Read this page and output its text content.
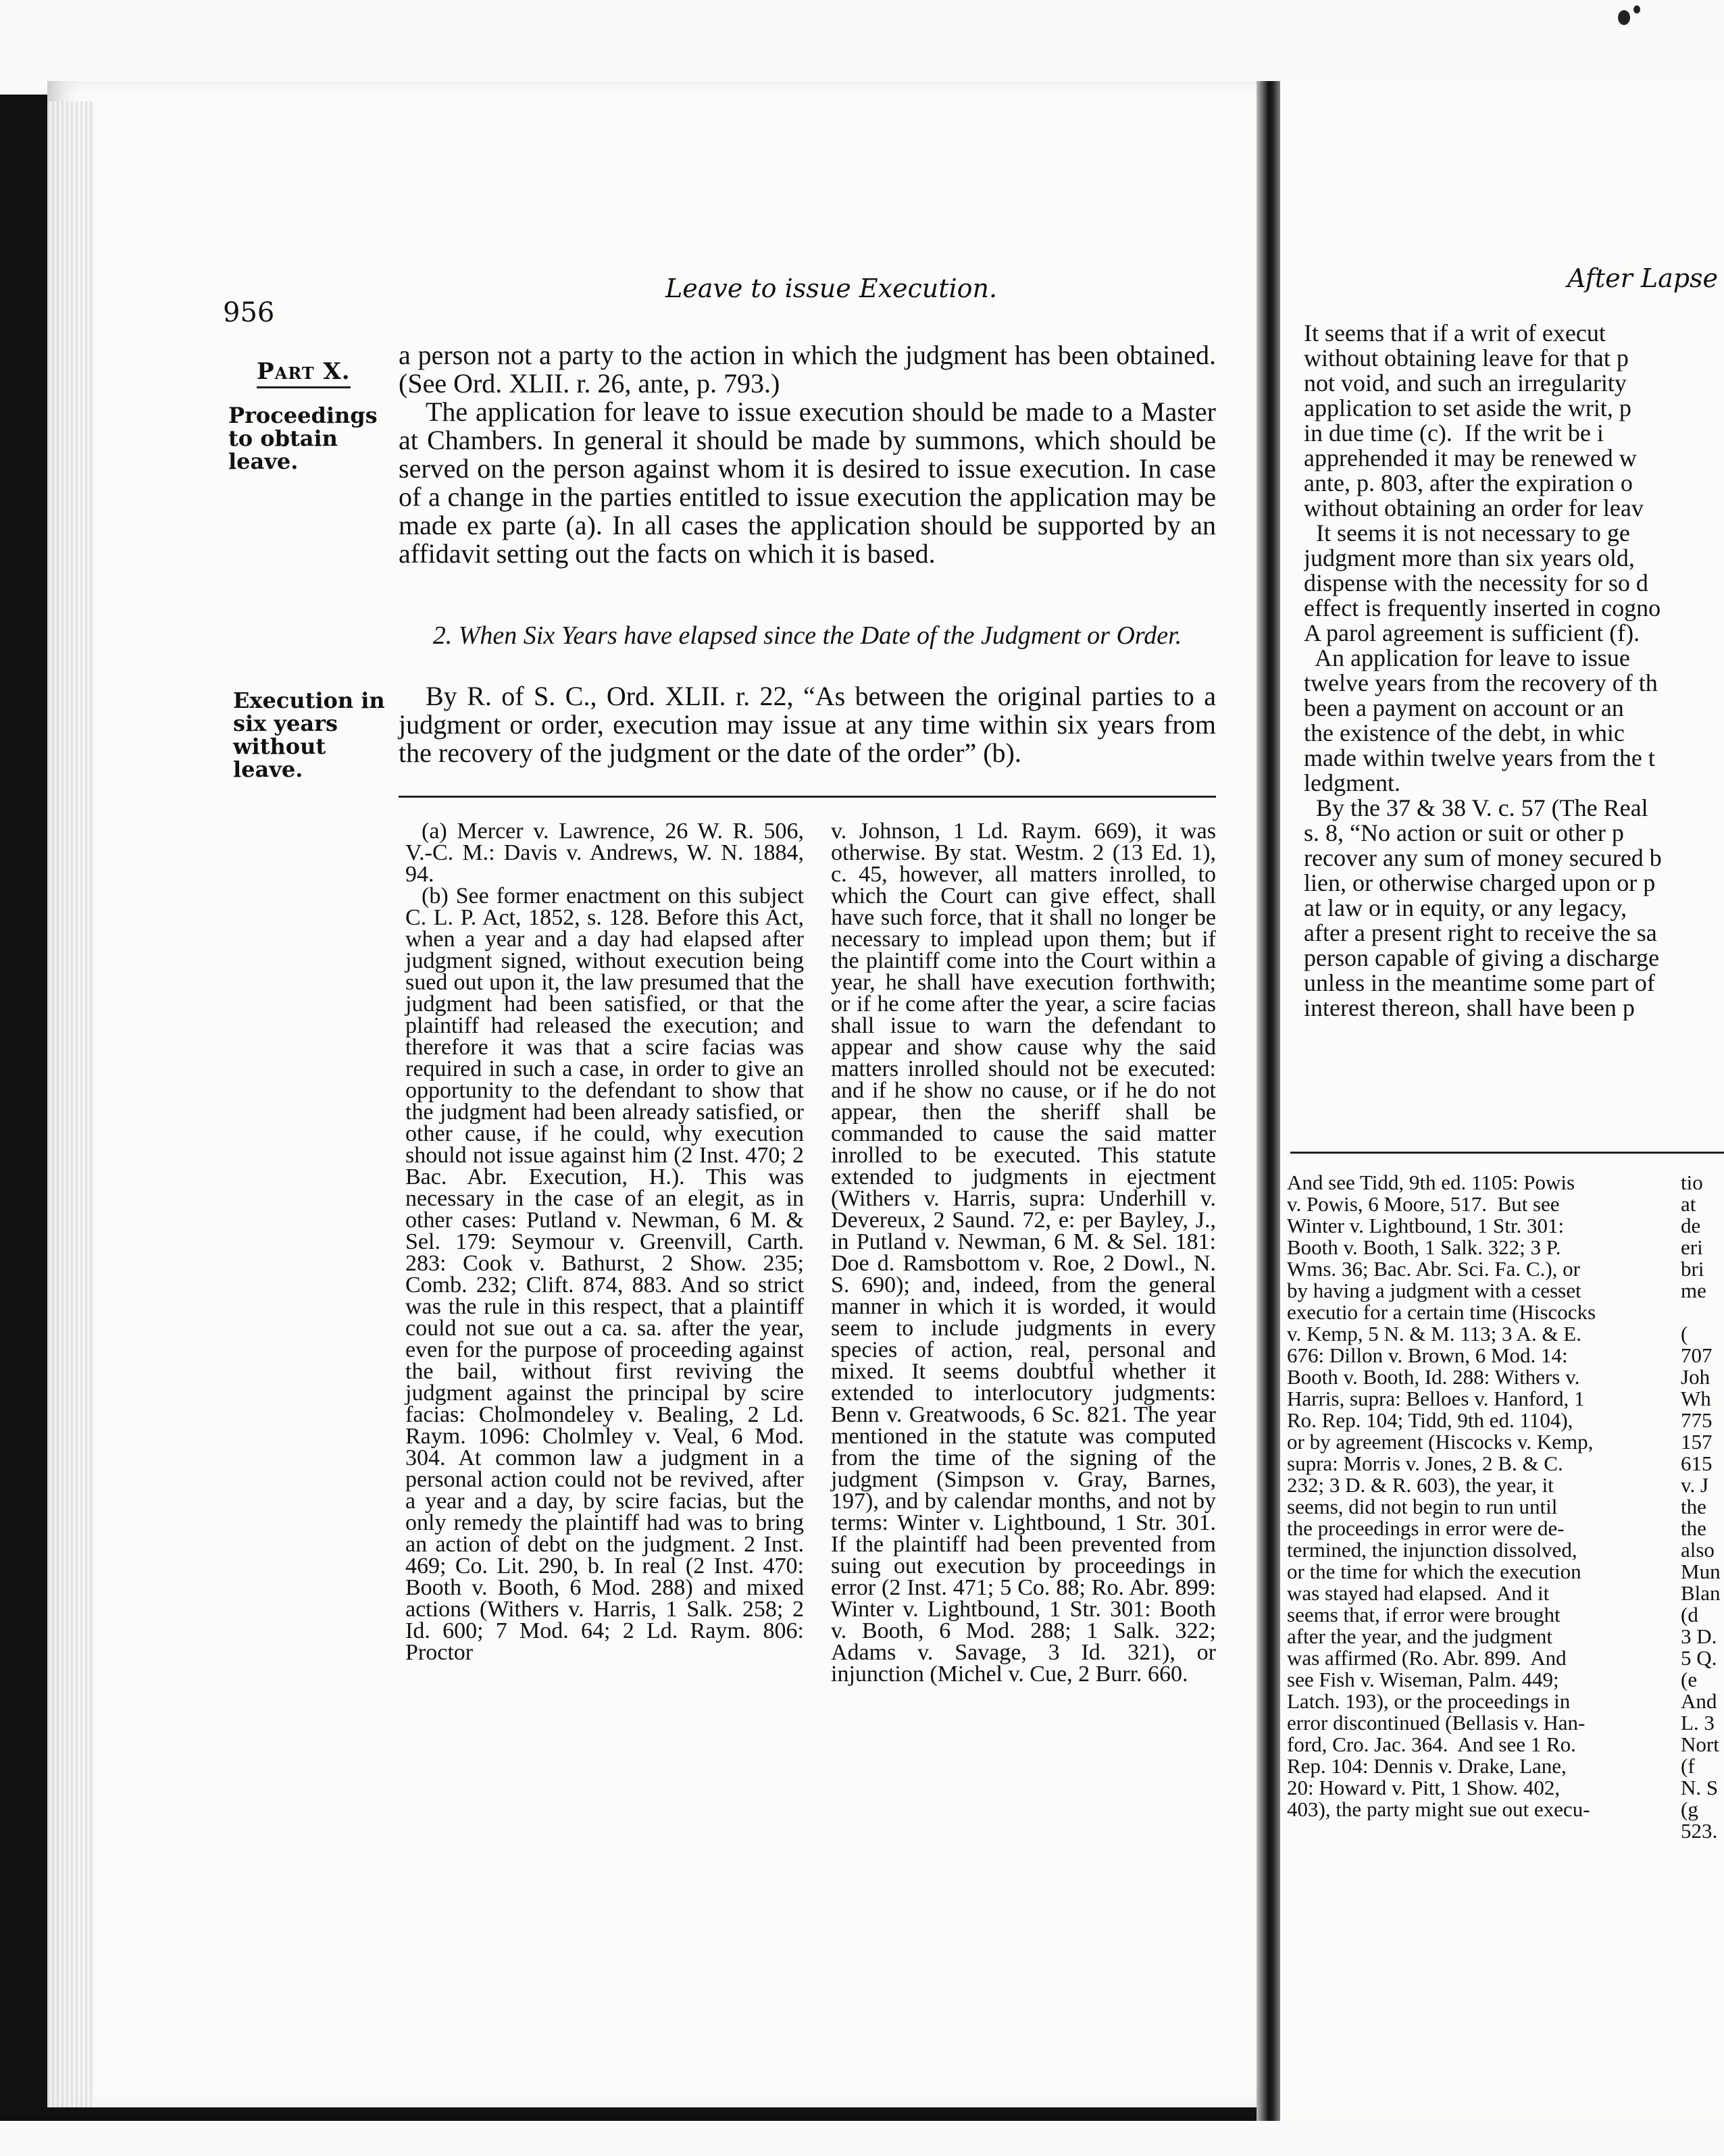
956
Leave to issue Execution.
Part X.
Proceedings to obtain leave.
Execution in six years without leave.

a person not a party to the action in which the judgment has been obtained. (See Ord. XLII. r. 26, ante, p. 793.)

The application for leave to issue execution should be made to a Master at Chambers. In general it should be made by summons, which should be served on the person against whom it is desired to issue execution. In case of a change in the parties entitled to issue execution the application may be made ex parte (a). In all cases the application should be supported by an affidavit setting out the facts on which it is based.

2. When Six Years have elapsed since the Date of the Judgment or Order.

By R. of S. C., Ord. XLII. r. 22, “As between the original parties to a judgment or order, execution may issue at any time within six years from the recovery of the judgment or the date of the order” (b).

(a) Mercer v. Lawrence, 26 W. R. 506, V.-C. M.: Davis v. Andrews, W. N. 1884, 94.

(b) See former enactment on this subject C. L. P. Act, 1852, s. 128. Before this Act, when a year and a day had elapsed after judgment signed, without execution being sued out upon it, the law presumed that the judgment had been satisfied, or that the plaintiff had released the execution; and therefore it was that a scire facias was required in such a case, in order to give an opportunity to the defendant to show that the judgment had been already satisfied, or other cause, if he could, why execution should not issue against him (2 Inst. 470; 2 Bac. Abr. Execution, H.). This was necessary in the case of an elegit, as in other cases: Putland v. Newman, 6 M. & Sel. 179: Seymour v. Greenvill, Carth. 283: Cook v. Bathurst, 2 Show. 235; Comb. 232; Clift. 874, 883. And so strict was the rule in this respect, that a plaintiff could not sue out a ca. sa. after the year, even for the purpose of proceeding against the bail, without first reviving the judgment against the principal by scire facias: Cholmondeley v. Bealing, 2 Ld. Raym. 1096: Cholmley v. Veal, 6 Mod. 304. At common law a judgment in a personal action could not be revived, after a year and a day, by scire facias, but the only remedy the plaintiff had was to bring an action of debt on the judgment. 2 Inst. 469; Co. Lit. 290, b. In real (2 Inst. 470: Booth v. Booth, 6 Mod. 288) and mixed actions (Withers v. Harris, 1 Salk. 258; 2 Id. 600; 7 Mod. 64; 2 Ld. Raym. 806: Proctor

v. Johnson, 1 Ld. Raym. 669), it was otherwise. By stat. Westm. 2 (13 Ed. 1), c. 45, however, all matters inrolled, to which the Court can give effect, shall have such force, that it shall no longer be necessary to implead upon them; but if the plaintiff come into the Court within a year, he shall have execution forthwith; or if he come after the year, a scire facias shall issue to warn the defendant to appear and show cause why the said matters inrolled should not be executed: and if he show no cause, or if he do not appear, then the sheriff shall be commanded to cause the said matter inrolled to be executed. This statute extended to judgments in ejectment (Withers v. Harris, supra: Underhill v. Devereux, 2 Saund. 72, e: per Bayley, J., in Putland v. Newman, 6 M. & Sel. 181: Doe d. Ramsbottom v. Roe, 2 Dowl., N. S. 690); and, indeed, from the general manner in which it is worded, it would seem to include judgments in every species of action, real, personal and mixed. It seems doubtful whether it extended to interlocutory judgments: Benn v. Greatwoods, 6 Sc. 821. The year mentioned in the statute was computed from the time of the signing of the judgment (Simpson v. Gray, Barnes, 197), and by calendar months, and not by terms: Winter v. Lightbound, 1 Str. 301. If the plaintiff had been prevented from suing out execution by proceedings in error (2 Inst. 471; 5 Co. 88; Ro. Abr. 899: Winter v. Lightbound, 1 Str. 301: Booth v. Booth, 6 Mod. 288; 1 Salk. 322; Adams v. Savage, 3 Id. 321), or injunction (Michel v. Cue, 2 Burr. 660.

After Lapse
It seems that if a writ of execut
without obtaining leave for that p
not void, and such an irregularity
application to set aside the writ, p
in due time (c).  If the writ be i
apprehended it may be renewed w
ante, p. 803, after the expiration o
without obtaining an order for leav
It seems it is not necessary to ge
judgment more than six years old,
dispense with the necessity for so d
effect is frequently inserted in cogno
A parol agreement is sufficient (f).
An application for leave to issue
twelve years from the recovery of th
been a payment on account or an
the existence of the debt, in whic
made within twelve years from the t
ledgment.
By the 37 & 38 V. c. 57 (The Real
s. 8, “No action or suit or other p
recover any sum of money secured b
lien, or otherwise charged upon or p
at law or in equity, or any legacy,
after a present right to receive the sa
person capable of giving a discharge
unless in the meantime some part of
interest thereon, shall have been p
And see Tidd, 9th ed. 1105: Powis
v. Powis, 6 Moore, 517.  But see
Winter v. Lightbound, 1 Str. 301:
Booth v. Booth, 1 Salk. 322; 3 P.
Wms. 36; Bac. Abr. Sci. Fa. C.), or
by having a judgment with a cesset
executio for a certain time (Hiscocks
v. Kemp, 5 N. & M. 113; 3 A. & E.
676: Dillon v. Brown, 6 Mod. 14:
Booth v. Booth, Id. 288: Withers v.
Harris, supra: Belloes v. Hanford, 1
Ro. Rep. 104; Tidd, 9th ed. 1104),
or by agreement (Hiscocks v. Kemp,
supra: Morris v. Jones, 2 B. & C.
232; 3 D. & R. 603), the year, it
seems, did not begin to run until
the proceedings in error were de-
termined, the injunction dissolved,
or the time for which the execution
was stayed had elapsed.  And it
seems that, if error were brought
after the year, and the judgment
was affirmed (Ro. Abr. 899.  And
see Fish v. Wiseman, Palm. 449;
Latch. 193), or the proceedings in
error discontinued (Bellasis v. Han-
ford, Cro. Jac. 364.  And see 1 Ro.
Rep. 104: Dennis v. Drake, Lane,
20: Howard v. Pitt, 1 Show. 402,
403), the party might sue out execu-
tio
at
de
eri
bri
me

(
707
Joh
Wh
775
157
615
v. J
the
the
also
Mun
Blan
(d
3 D.
5 Q.
(e
And
L. 3
Nort
(f
N. S
(g
523.
